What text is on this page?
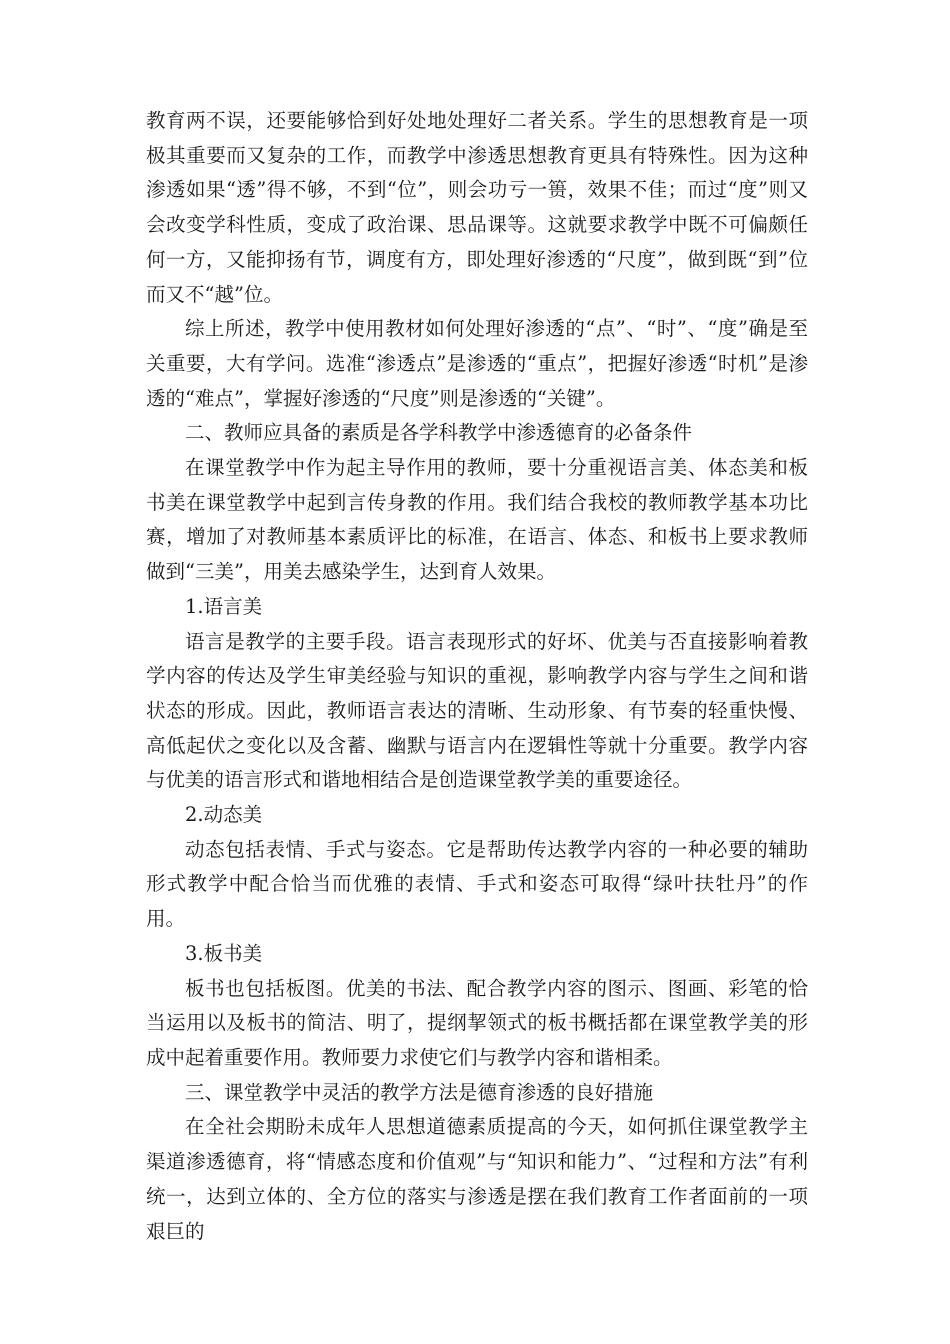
教育两不误，还要能够恰到好处地处理好二者关系。学生的思想教育是一项极其重要而又复杂的工作，而教学中渗透思想教育更具有特殊性。因为这种渗透如果“透”得不够，不到“位”，则会功亏一篑，效果不佳；而过“度”则又会改变学科性质，变成了政治课、思品课等。这就要求教学中既不可偏颇任何一方，又能抑扬有节，调度有方，即处理好渗透的“尺度”，做到既“到”位而又不“越”位。

综上所述，教学中使用教材如何处理好渗透的“点”、“时”、“度”确是至关重要，大有学问。选准“渗透点”是渗透的“重点”，把握好渗透“时机”是渗透的“难点”，掌握好渗透的“尺度”则是渗透的“关键”。

二、教师应具备的素质是各学科教学中渗透德育的必备条件

在课堂教学中作为起主导作用的教师，要十分重视语言美、体态美和板书美在课堂教学中起到言传身教的作用。我们结合我校的教师教学基本功比赛，增加了对教师基本素质评比的标准，在语言、体态、和板书上要求教师做到“三美”，用美去感染学生，达到育人效果。

1.语言美

语言是教学的主要手段。语言表现形式的好坏、优美与否直接影响着教学内容的传达及学生审美经验与知识的重视，影响教学内容与学生之间和谐状态的形成。因此，教师语言表达的清晰、生动形象、有节奏的轻重快慢、高低起伏之变化以及含蓄、幽默与语言内在逻辑性等就十分重要。教学内容与优美的语言形式和谐地相结合是创造课堂教学美的重要途径。

2.动态美

动态包括表情、手式与姿态。它是帮助传达教学内容的一种必要的辅助形式教学中配合恰当而优雅的表情、手式和姿态可取得“绿叶扶牡丹”的作用。

3.板书美

板书也包括板图。优美的书法、配合教学内容的图示、图画、彩笔的恰当运用以及板书的简洁、明了，提纲挈领式的板书概括都在课堂教学美的形成中起着重要作用。教师要力求使它们与教学内容和谐相柔。

三、课堂教学中灵活的教学方法是德育渗透的良好措施

在全社会期盼未成年人思想道德素质提高的今天，如何抓住课堂教学主渠道渗透德育，将“情感态度和价值观”与“知识和能力”、“过程和方法”有利统一，达到立体的、全方位的落实与渗透是摆在我们教育工作者面前的一项艰巨的
